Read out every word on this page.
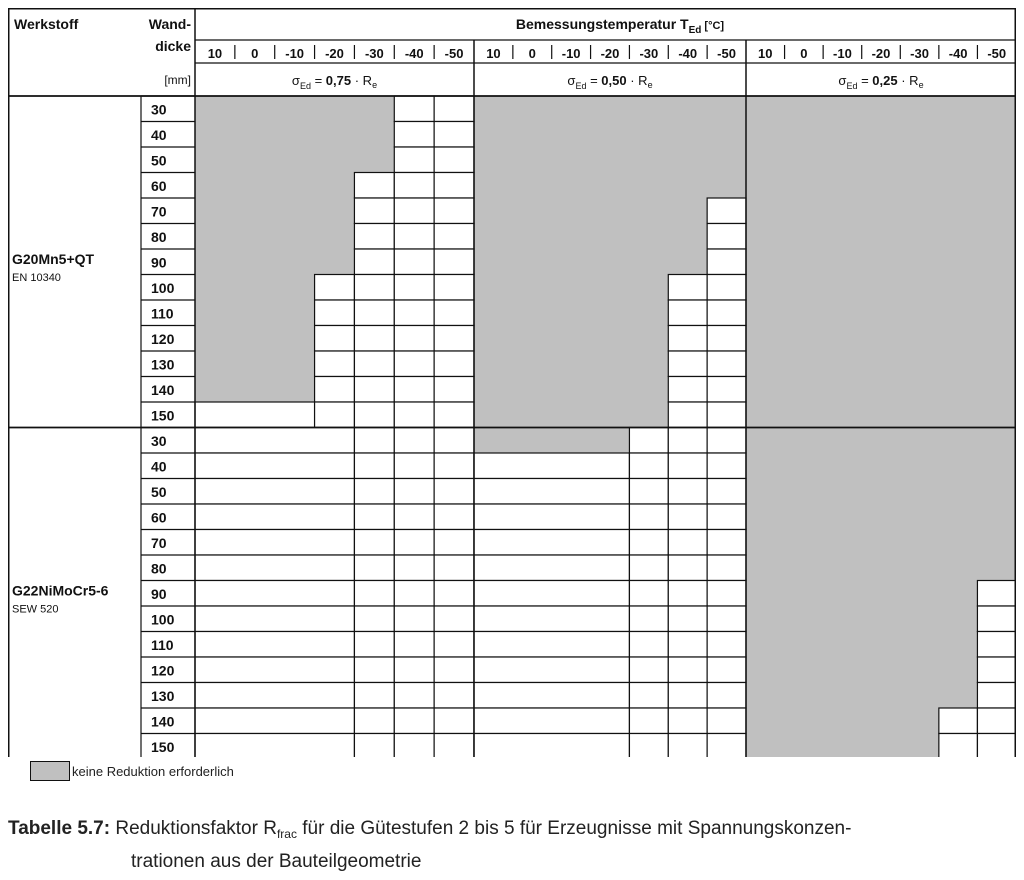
30
40
50
60
70
80
90
100
110
120
130
140
150
30
40
50
60
70
80
90
100
110
120
130
140
150
G20Mn5+QT
EN 10340
G22NiMoCr5-6
SEW 520
Werkstoff	Wand-
dicke
[mm]
Bemessungstemperatur $T_{Ed}$ [°C]
10 0 -10 -20 -30 -40 -50
$\sigma_{Ed} = 0,75 \cdot R_e$
10 0 -10 -20 -30 -40 -50
$\sigma_{Ed} = 0,50 \cdot R_e$
10 0 -10 -20 -30 -40 -50
$\sigma_{Ed} = 0,25 \cdot R_e$
keine Reduktion erforderlich
Tabelle 5.7: Reduktionsfaktor $R_{frac}$ für die Gütestufen 2 bis 5 für Erzeugnisse mit Spannungskonzen-
trationen aus der Bauteilgeometrie
